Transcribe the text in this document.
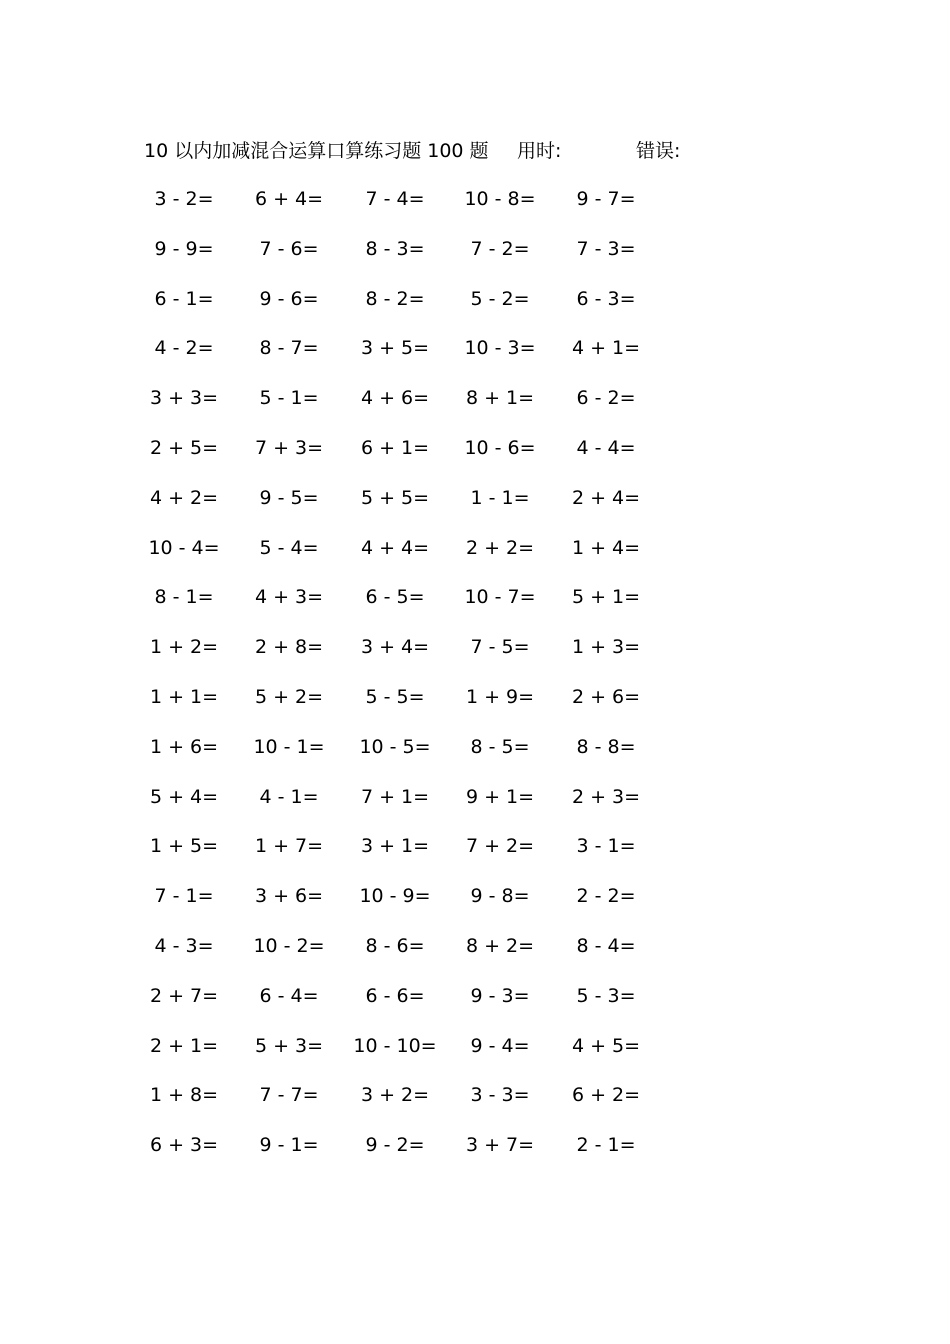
10 以内加减混合运算口算练习题 100 题 用时:	错误:
3 - 2=	6 + 4=	7 - 4=	10 - 8=	9 - 7=
9 - 9=	7 - 6=	8 - 3=	7 - 2=	7 - 3=
6 - 1=	9 - 6=	8 - 2=	5 - 2=	6 - 3=
4 - 2=	8 - 7=	3 + 5=	10 - 3=	4 + 1=
3 + 3=	5 - 1=	4 + 6=	8 + 1=	6 - 2=
2 + 5=	7 + 3=	6 + 1=	10 - 6=	4 - 4=
4 + 2=	9 - 5=	5 + 5=	1 - 1=	2 + 4=
10 - 4=	5 - 4=	4 + 4=	2 + 2=	1 + 4=
8 - 1=	4 + 3=	6 - 5=	10 - 7=	5 + 1=
1 + 2=	2 + 8=	3 + 4=	7 - 5=	1 + 3=
1 + 1=	5 + 2=	5 - 5=	1 + 9=	2 + 6=
1 + 6=	10 - 1=	10 - 5=	8 - 5=	8 - 8=
5 + 4=	4 - 1=	7 + 1=	9 + 1=	2 + 3=
1 + 5=	1 + 7=	3 + 1=	7 + 2=	3 - 1=
7 - 1=	3 + 6=	10 - 9=	9 - 8=	2 - 2=
4 - 3=	10 - 2=	8 - 6=	8 + 2=	8 - 4=
2 + 7=	6 - 4=	6 - 6=	9 - 3=	5 - 3=
2 + 1=	5 + 3=	10 - 10=	9 - 4=	4 + 5=
1 + 8=	7 - 7=	3 + 2=	3 - 3=	6 + 2=
6 + 3=	9 - 1=	9 - 2=	3 + 7=	2 - 1=
